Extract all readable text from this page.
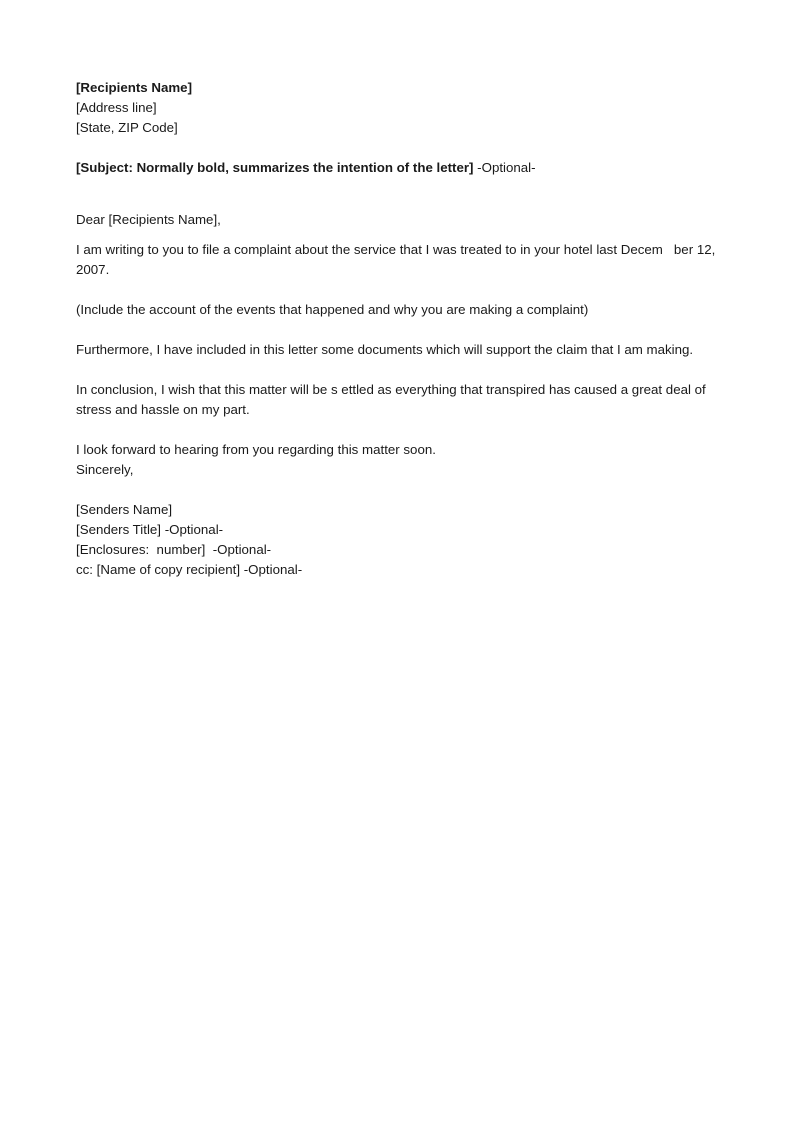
[Recipients Name]
[Address line]
[State, ZIP Code]
[Subject: Normally bold, summarizes the intention of the letter] -Optional-
Dear [Recipients Name],
I am writing to you to file a complaint about the service that I was treated to in your hotel last Decem   ber 12,
2007.
(Include the account of the events that happened and why you are making a complaint)
Furthermore, I have included in this letter some documents which will support the claim that I am making.
In conclusion, I wish that this matter will be s ettled as everything that transpired has caused a great deal of
stress and hassle on my part.
I look forward to hearing from you regarding this matter soon.
Sincerely,
[Senders Name]
[Senders Title] -Optional-
[Enclosures:  number]  -Optional-
cc: [Name of copy recipient] -Optional-
